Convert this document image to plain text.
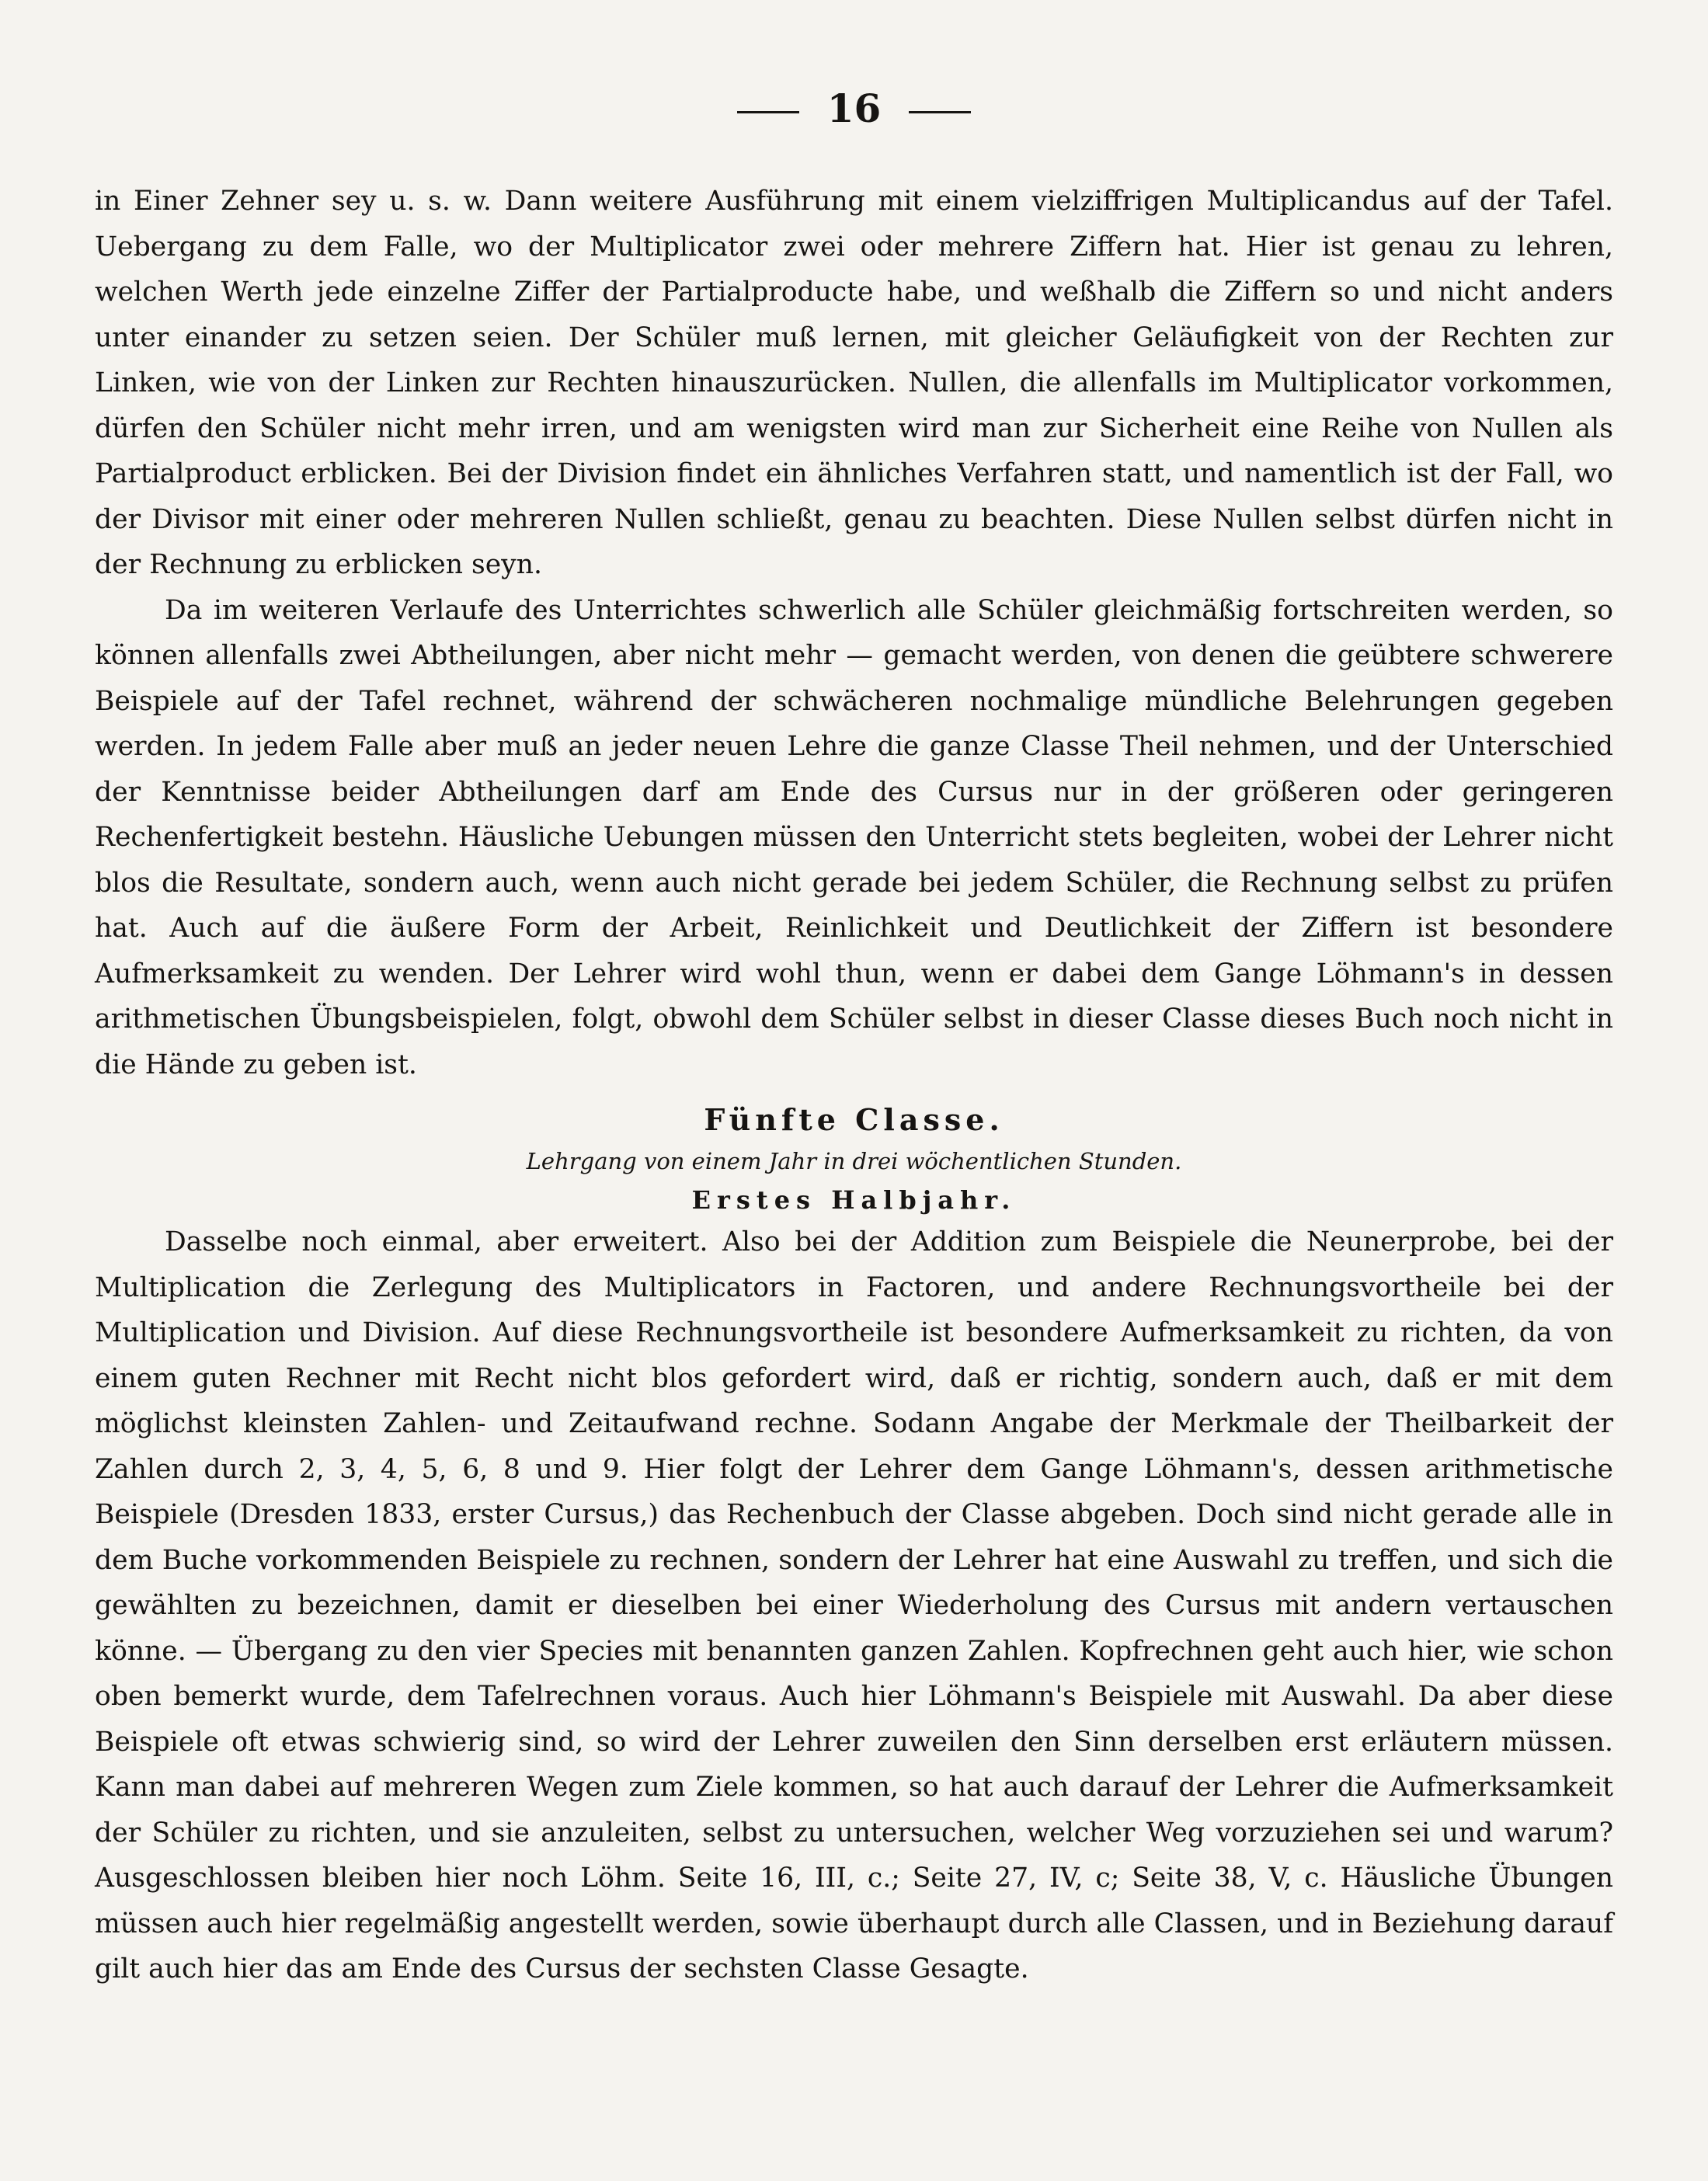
16

in Einer Zehner sey u. s. w. Dann weitere Ausführung mit einem vielziffrigen Multiplicandus auf der Tafel. Uebergang zu dem Falle, wo der Multiplicator zwei oder mehrere Ziffern hat. Hier ist genau zu lehren, welchen Werth jede einzelne Ziffer der Partialproducte habe, und weßhalb die Ziffern so und nicht anders unter einander zu setzen seien. Der Schüler muß lernen, mit gleicher Geläufigkeit von der Rechten zur Linken, wie von der Linken zur Rechten hinauszurücken. Nullen, die allenfalls im Multiplicator vorkommen, dürfen den Schüler nicht mehr irren, und am wenigsten wird man zur Sicherheit eine Reihe von Nullen als Partialproduct erblicken. Bei der Division findet ein ähnliches Verfahren statt, und namentlich ist der Fall, wo der Divisor mit einer oder mehreren Nullen schließt, genau zu beachten. Diese Nullen selbst dürfen nicht in der Rechnung zu erblicken seyn.

Da im weiteren Verlaufe des Unterrichtes schwerlich alle Schüler gleichmäßig fortschreiten werden, so können allenfalls zwei Abtheilungen, aber nicht mehr — gemacht werden, von denen die geübtere schwerere Beispiele auf der Tafel rechnet, während der schwächeren nochmalige mündliche Belehrungen gegeben werden. In jedem Falle aber muß an jeder neuen Lehre die ganze Classe Theil nehmen, und der Unterschied der Kenntnisse beider Abtheilungen darf am Ende des Cursus nur in der größeren oder geringeren Rechenfertigkeit bestehn. Häusliche Uebungen müssen den Unterricht stets begleiten, wobei der Lehrer nicht blos die Resultate, sondern auch, wenn auch nicht gerade bei jedem Schüler, die Rechnung selbst zu prüfen hat. Auch auf die äußere Form der Arbeit, Reinlichkeit und Deutlichkeit der Ziffern ist besondere Aufmerksamkeit zu wenden. Der Lehrer wird wohl thun, wenn er dabei dem Gange Löhmann's in dessen arithmetischen Übungsbeispielen, folgt, obwohl dem Schüler selbst in dieser Classe dieses Buch noch nicht in die Hände zu geben ist.

Fünfte Classe.

Lehrgang von einem Jahr in drei wöchentlichen Stunden.

Erstes Halbjahr.

Dasselbe noch einmal, aber erweitert. Also bei der Addition zum Beispiele die Neunerprobe, bei der Multiplication die Zerlegung des Multiplicators in Factoren, und andere Rechnungsvortheile bei der Multiplication und Division. Auf diese Rechnungsvortheile ist besondere Aufmerksamkeit zu richten, da von einem guten Rechner mit Recht nicht blos gefordert wird, daß er richtig, sondern auch, daß er mit dem möglichst kleinsten Zahlen- und Zeitaufwand rechne. Sodann Angabe der Merkmale der Theilbarkeit der Zahlen durch 2, 3, 4, 5, 6, 8 und 9. Hier folgt der Lehrer dem Gange Löhmann's, dessen arithmetische Beispiele (Dresden 1833, erster Cursus,) das Rechenbuch der Classe abgeben. Doch sind nicht gerade alle in dem Buche vorkommenden Beispiele zu rechnen, sondern der Lehrer hat eine Auswahl zu treffen, und sich die gewählten zu bezeichnen, damit er dieselben bei einer Wiederholung des Cursus mit andern vertauschen könne. — Übergang zu den vier Species mit benannten ganzen Zahlen. Kopfrechnen geht auch hier, wie schon oben bemerkt wurde, dem Tafelrechnen voraus. Auch hier Löhmann's Beispiele mit Auswahl. Da aber diese Beispiele oft etwas schwierig sind, so wird der Lehrer zuweilen den Sinn derselben erst erläutern müssen. Kann man dabei auf mehreren Wegen zum Ziele kommen, so hat auch darauf der Lehrer die Aufmerksamkeit der Schüler zu richten, und sie anzuleiten, selbst zu untersuchen, welcher Weg vorzuziehen sei und warum? Ausgeschlossen bleiben hier noch Löhm. Seite 16, III, c.; Seite 27, IV, c; Seite 38, V, c. Häusliche Übungen müssen auch hier regelmäßig angestellt werden, sowie überhaupt durch alle Classen, und in Beziehung darauf gilt auch hier das am Ende des Cursus der sechsten Classe Gesagte.
